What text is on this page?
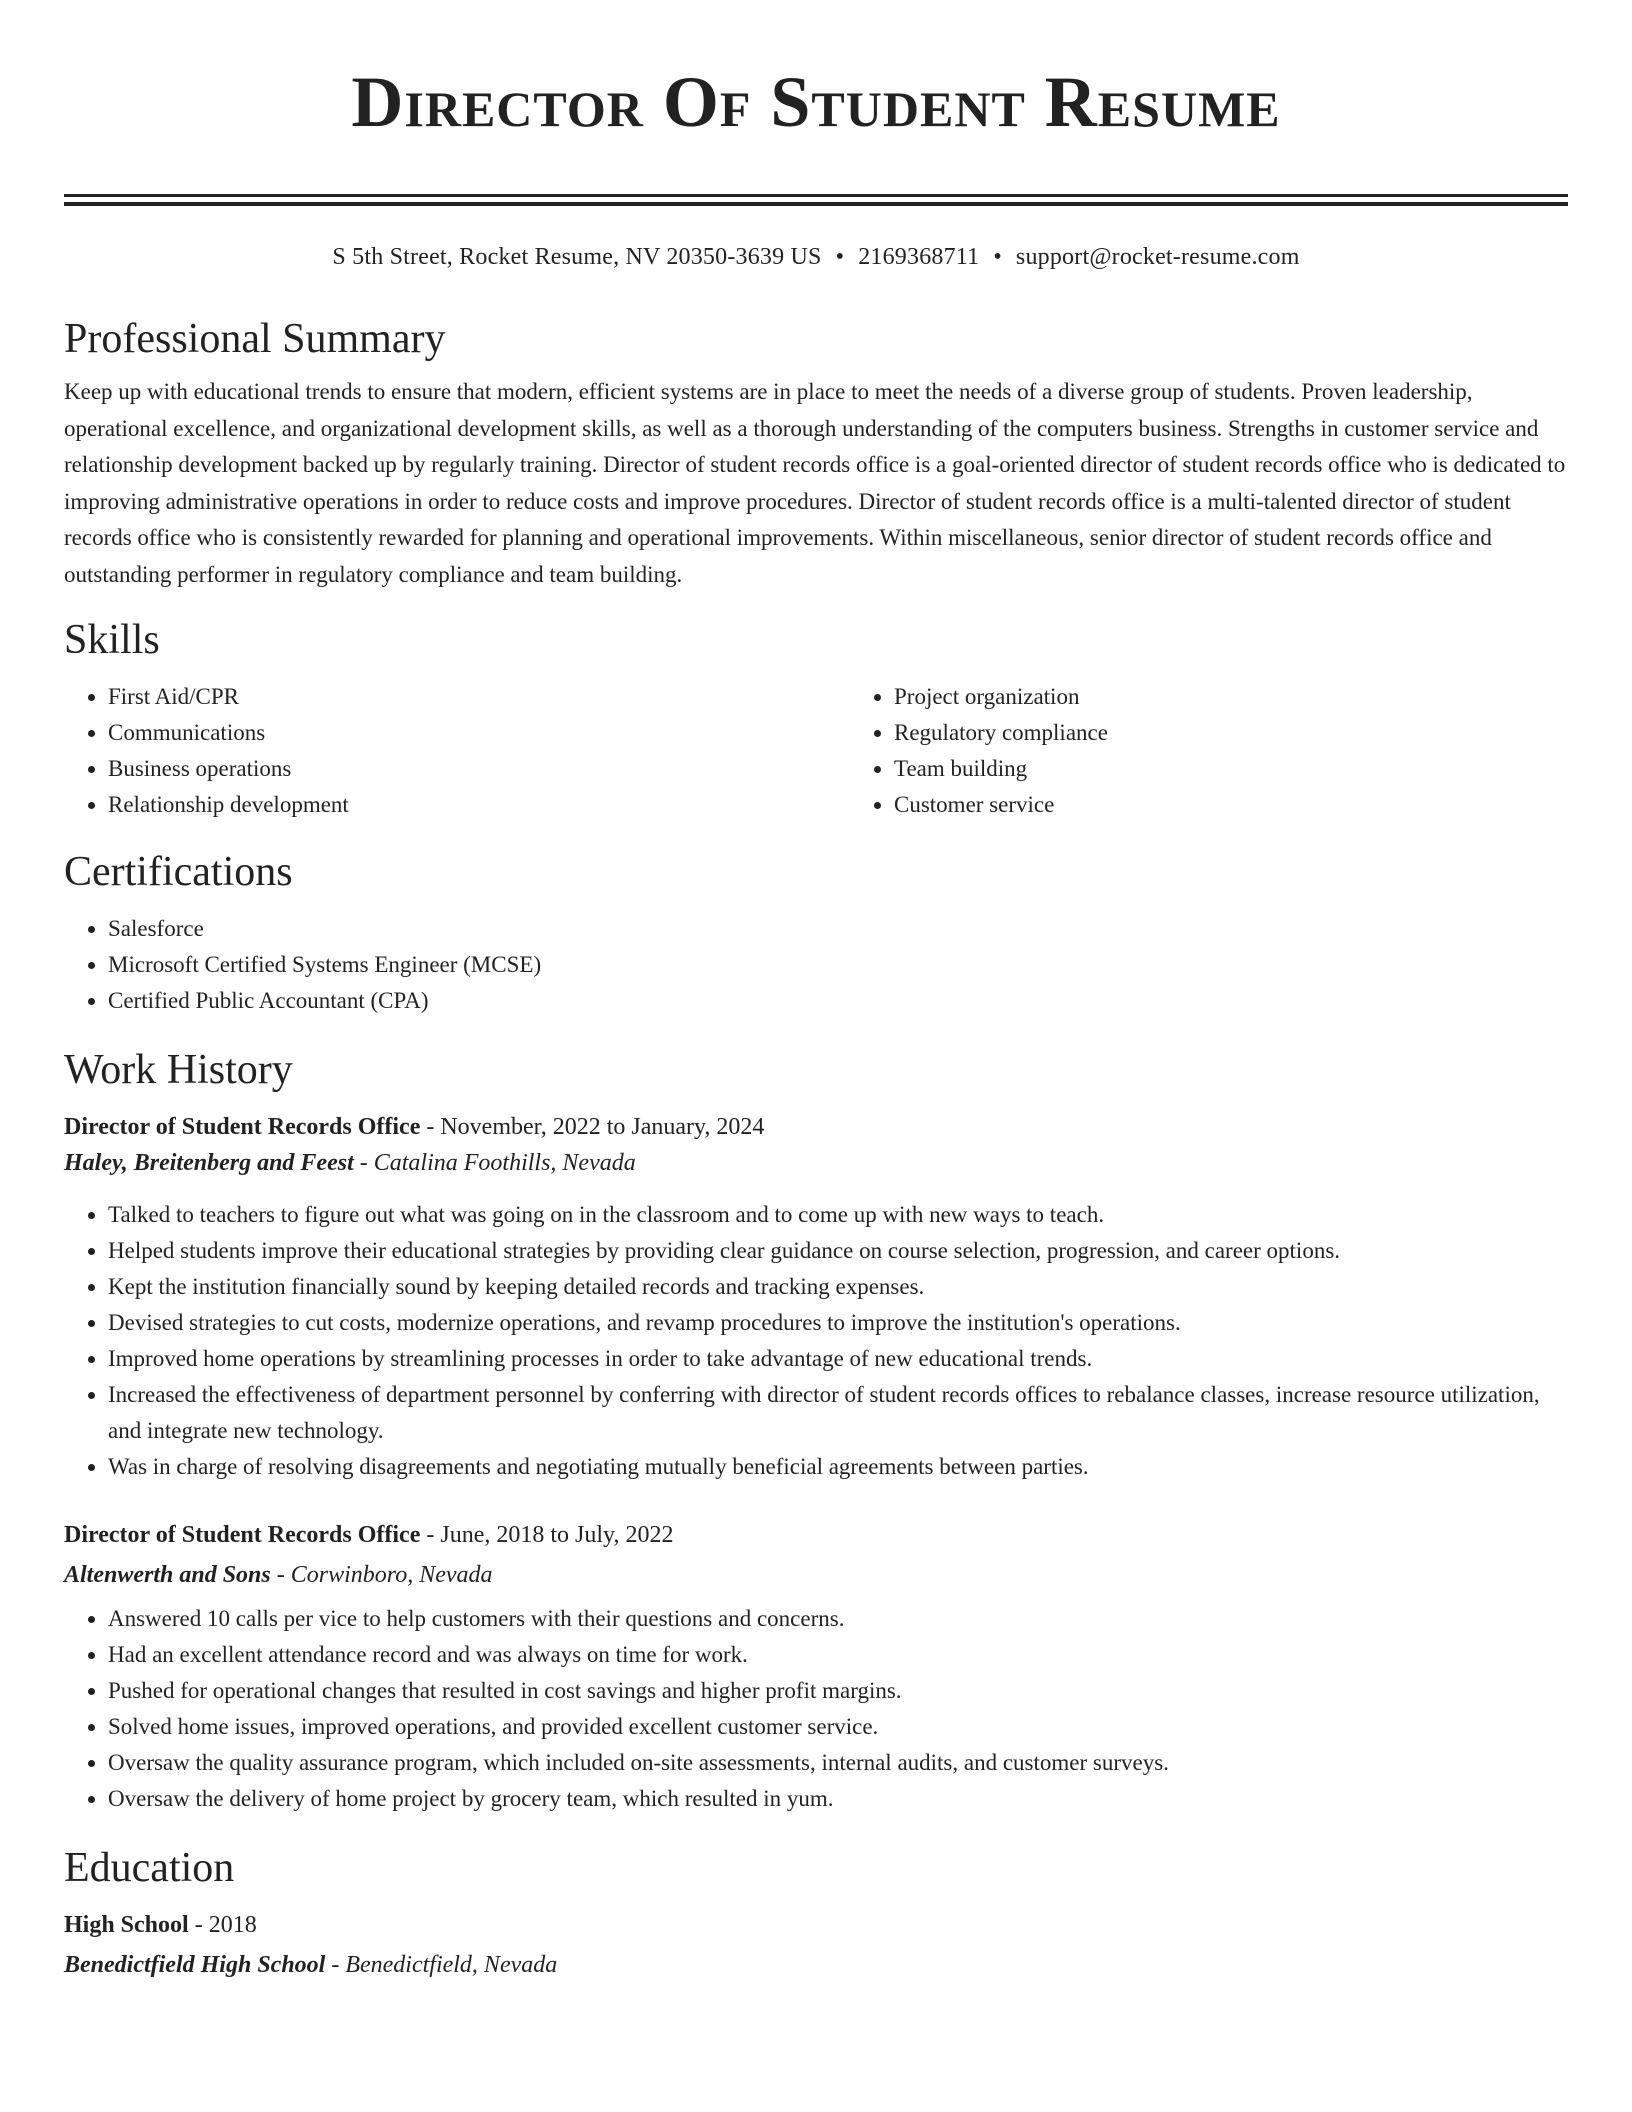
Director Of Student Resume
S 5th Street, Rocket Resume, NV 20350-3639 US • 2169368711 • support@rocket-resume.com
Professional Summary

Keep up with educational trends to ensure that modern, efficient systems are in place to meet the needs of a diverse group of students. Proven leadership, operational excellence, and organizational development skills, as well as a thorough understanding of the computers business. Strengths in customer service and relationship development backed up by regularly training. Director of student records office is a goal-oriented director of student records office who is dedicated to improving administrative operations in order to reduce costs and improve procedures. Director of student records office is a multi-talented director of student records office who is consistently rewarded for planning and operational improvements. Within miscellaneous, senior director of student records office and outstanding performer in regulatory compliance and team building.

Skills
• First Aid/CPR
• Communications
• Business operations
• Relationship development
• Project organization
• Regulatory compliance
• Team building
• Customer service
Certifications
• Salesforce
• Microsoft Certified Systems Engineer (MCSE)
• Certified Public Accountant (CPA)
Work History
Director of Student Records Office - November, 2022 to January, 2024
Haley, Breitenberg and Feest - Catalina Foothills, Nevada
• Talked to teachers to figure out what was going on in the classroom and to come up with new ways to teach.
• Helped students improve their educational strategies by providing clear guidance on course selection, progression, and career options.
• Kept the institution financially sound by keeping detailed records and tracking expenses.
• Devised strategies to cut costs, modernize operations, and revamp procedures to improve the institution's operations.
• Improved home operations by streamlining processes in order to take advantage of new educational trends.
• Increased the effectiveness of department personnel by conferring with director of student records offices to rebalance classes, increase resource utilization, and integrate new technology.
• Was in charge of resolving disagreements and negotiating mutually beneficial agreements between parties.
Director of Student Records Office - June, 2018 to July, 2022
Altenwerth and Sons - Corwinboro, Nevada
• Answered 10 calls per vice to help customers with their questions and concerns.
• Had an excellent attendance record and was always on time for work.
• Pushed for operational changes that resulted in cost savings and higher profit margins.
• Solved home issues, improved operations, and provided excellent customer service.
• Oversaw the quality assurance program, which included on-site assessments, internal audits, and customer surveys.
• Oversaw the delivery of home project by grocery team, which resulted in yum.
Education
High School - 2018
Benedictfield High School - Benedictfield, Nevada
